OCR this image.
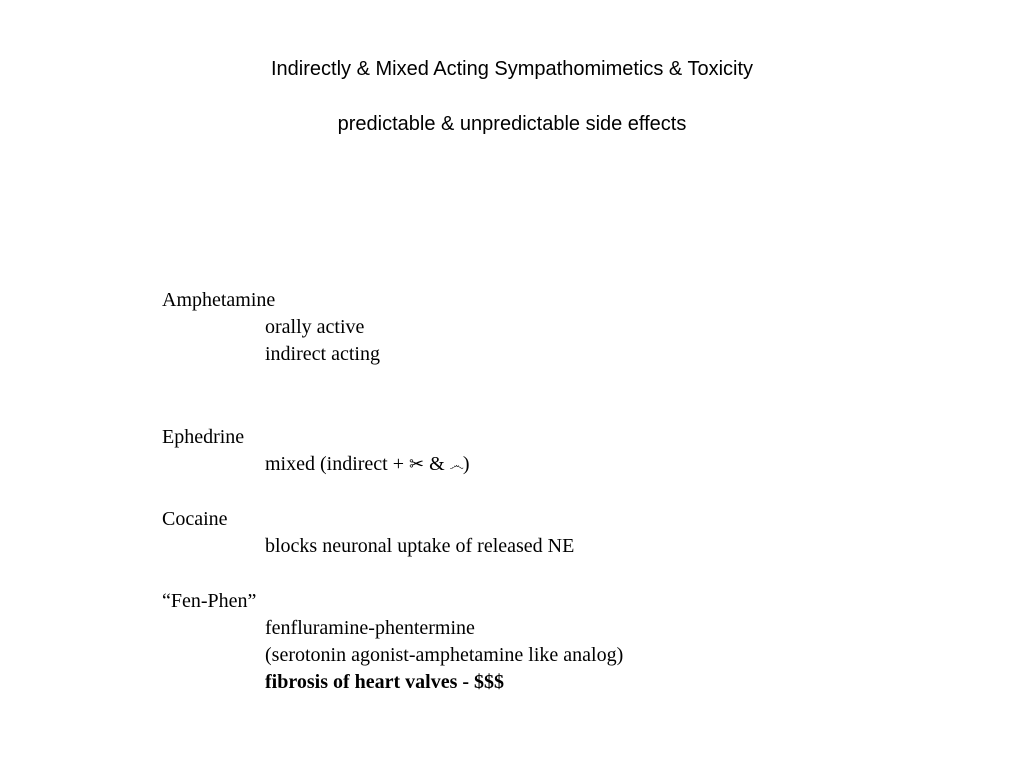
Indirectly & Mixed Acting Sympathomimetics & Toxicity
predictable & unpredictable side effects
Amphetamine
orally active
indirect acting
Ephedrine
mixed (indirect + ✂ & ෴)
Cocaine
blocks neuronal uptake of released NE
“Fen-Phen”
fenfluramine-phentermine
(serotonin agonist-amphetamine like analog)
fibrosis of heart valves - $$$
